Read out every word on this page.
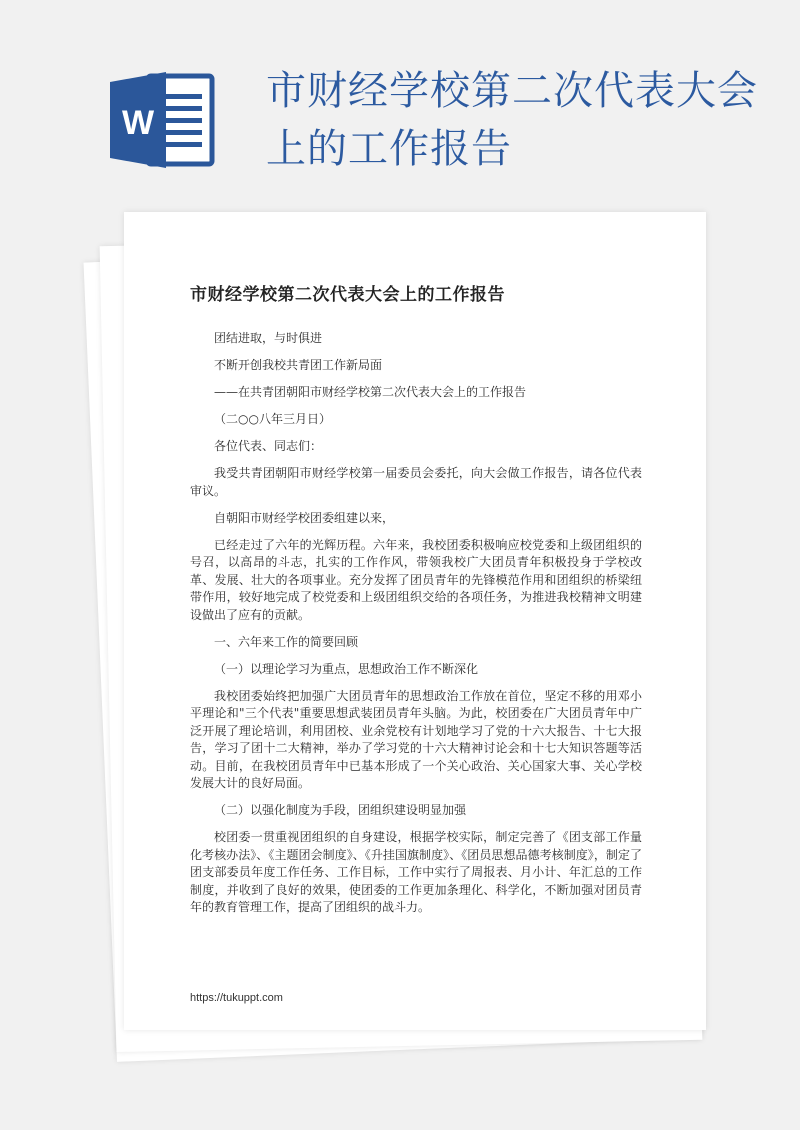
W
市财经学校第二次代表大会上的工作报告
市财经学校第二次代表大会上的工作报告

团结进取，与时俱进

不断开创我校共青团工作新局面

——在共青团朝阳市财经学校第二次代表大会上的工作报告

（二○○八年三月日）

各位代表、同志们：

我受共青团朝阳市财经学校第一届委员会委托，向大会做工作报告，请各位代表审议。

自朝阳市财经学校团委组建以来，

已经走过了六年的光辉历程。六年来，我校团委积极响应校党委和上级团组织的号召，以高昂的斗志，扎实的工作作风，带领我校广大团员青年积极投身于学校改革、发展、壮大的各项事业。充分发挥了团员青年的先锋模范作用和团组织的桥梁纽带作用，较好地完成了校党委和上级团组织交给的各项任务，为推进我校精神文明建设做出了应有的贡献。

一、六年来工作的简要回顾

（一）以理论学习为重点，思想政治工作不断深化

我校团委始终把加强广大团员青年的思想政治工作放在首位，坚定不移的用邓小平理论和"三个代表"重要思想武装团员青年头脑。为此，校团委在广大团员青年中广泛开展了理论培训，利用团校、业余党校有计划地学习了党的十六大报告、十七大报告，学习了团十二大精神，举办了学习党的十六大精神讨论会和十七大知识答题等活动。目前，在我校团员青年中已基本形成了一个关心政治、关心国家大事、关心学校发展大计的良好局面。

（二）以强化制度为手段，团组织建设明显加强

校团委一贯重视团组织的自身建设，根据学校实际，制定完善了《团支部工作量化考核办法》、《主题团会制度》、《升挂国旗制度》、《团员思想品德考核制度》，制定了团支部委员年度工作任务、工作目标，工作中实行了周报表、月小计、年汇总的工作制度，并收到了良好的效果，使团委的工作更加条理化、科学化，不断加强对团员青年的教育管理工作，提高了团组织的战斗力。

https://tukuppt.com
